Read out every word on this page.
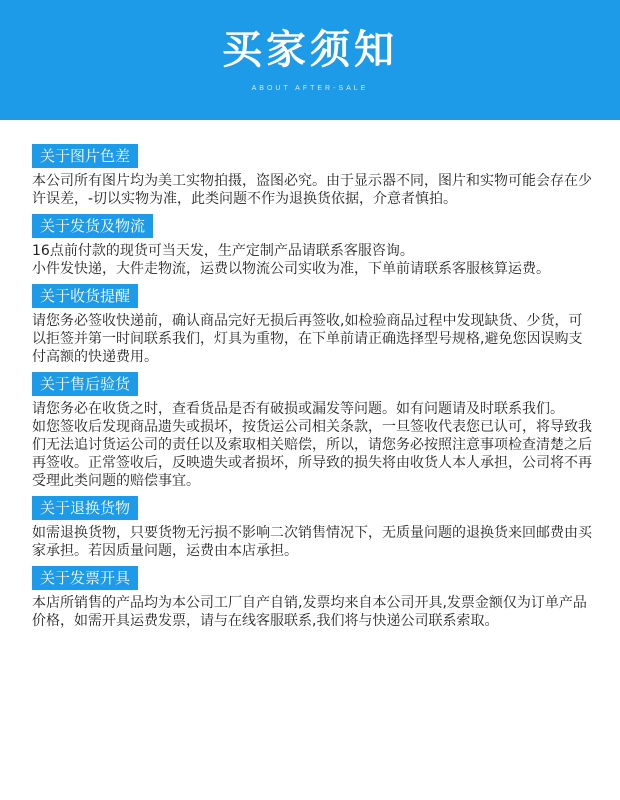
买家须知
ABOUT AFTER-SALE
关于图片色差

本公司所有图片均为美工实物拍摄，盗图必究。由于显示器不同，图片和实物可能会存在少许误差，-切以实物为准，此类问题不作为退换货依据，介意者慎拍。

关于发货及物流

16点前付款的现货可当天发，生产定制产品请联系客服咨询。

小件发快递，大件走物流，运费以物流公司实收为准，下单前请联系客服核算运费。

关于收货提醒

请您务必签收快递前，确认商品完好无损后再签收,如检验商品过程中发现缺货、少货，可以拒签并第一时间联系我们，灯具为重物，在下单前请正确选择型号规格,避免您因误购支付高额的快递费用。

关于售后验货

请您务必在收货之时，查看货品是否有破损或漏发等问题。如有问题请及时联系我们。

如您签收后发现商品遗失或损坏，按货运公司相关条款，一旦签收代表您已认可，将导致我们无法追讨货运公司的责任以及索取相关赔偿，所以，请您务必按照注意事项检查清楚之后再签收。正常签收后，反映遗失或者损坏，所导致的损失将由收货人本人承担，公司将不再受理此类问题的赔偿事宜。

关于退换货物

如需退换货物，只要货物无污损不影响二次销售情况下，无质量问题的退换货来回邮费由买家承担。若因质量问题，运费由本店承担。

关于发票开具

本店所销售的产品均为本公司工厂自产自销,发票均来自本公司开具,发票金额仅为订单产品价格，如需开具运费发票，请与在线客服联系,我们将与快递公司联系索取。
